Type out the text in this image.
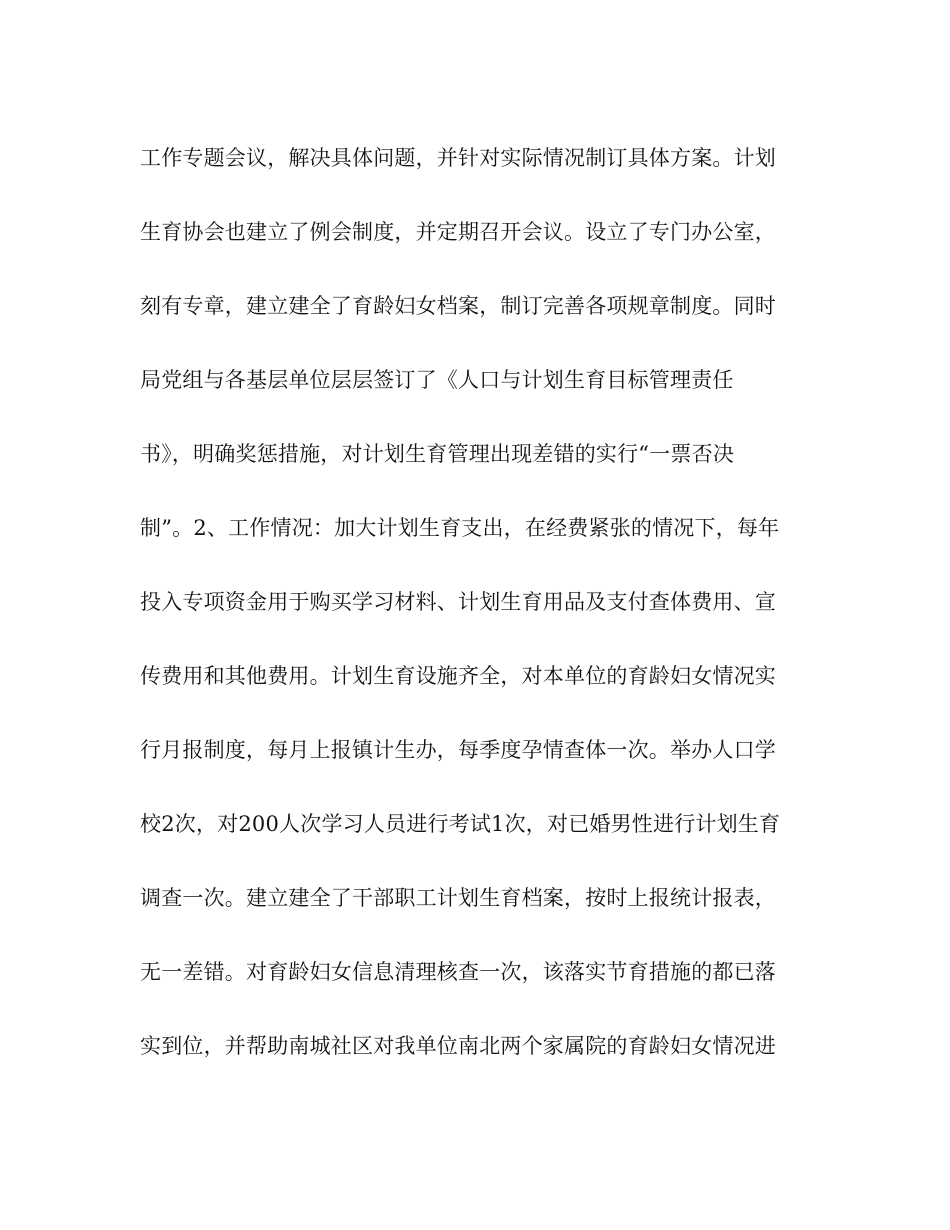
工作专题会议，解决具体问题，并针对实际情况制订具体方案。计划
生育协会也建立了例会制度，并定期召开会议。设立了专门办公室，
刻有专章，建立建全了育龄妇女档案，制订完善各项规章制度。同时
局党组与各基层单位层层签订了《人口与计划生育目标管理责任
书》，明确奖惩措施，对计划生育管理出现差错的实行“一票否决
制”。2、工作情况：加大计划生育支出，在经费紧张的情况下，每年
投入专项资金用于购买学习材料、计划生育用品及支付查体费用、宣
传费用和其他费用。计划生育设施齐全，对本单位的育龄妇女情况实
行月报制度，每月上报镇计生办，每季度孕情查体一次。举办人口学
校2次，对200人次学习人员进行考试1次，对已婚男性进行计划生育
调查一次。建立建全了干部职工计划生育档案，按时上报统计报表，
无一差错。对育龄妇女信息清理核查一次，该落实节育措施的都已落
实到位，并帮助南城社区对我单位南北两个家属院的育龄妇女情况进
